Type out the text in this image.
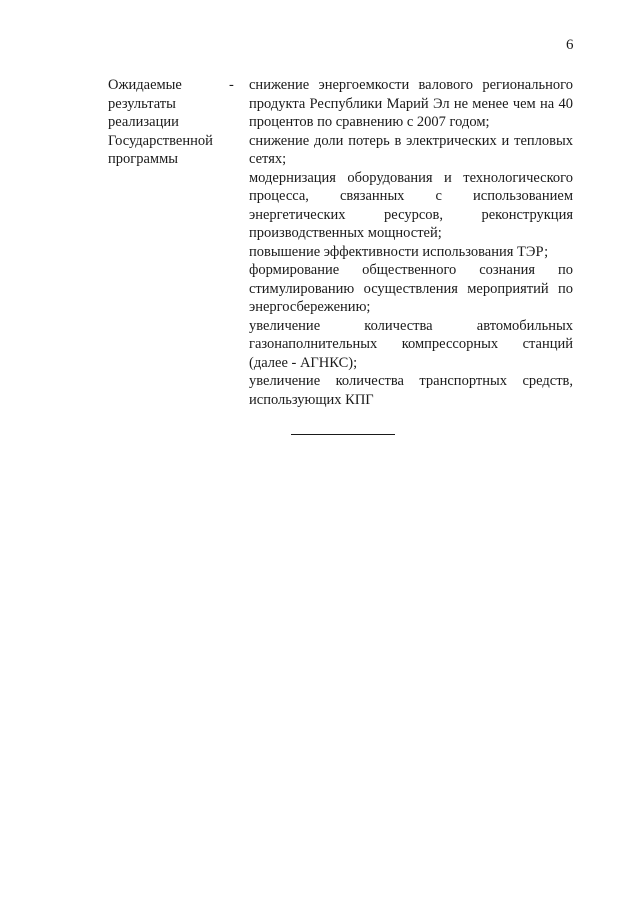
6
Ожидаемые результаты реализации Государственной программы
- снижение энергоемкости валового регионального продукта Республики Марий Эл не менее чем на 40 процентов по сравнению с 2007 годом;

снижение доли потерь в электрических и тепловых сетях;

модернизация оборудования и технологического процесса, связанных с использованием энергетических ресурсов, реконструкция производственных мощностей;

повышение эффективности использования ТЭР;

формирование общественного сознания по стимулированию осуществления мероприятий по энергосбережению;

увеличение количества автомобильных газонаполнительных компрессорных станций (далее - АГНКС);

увеличение количества транспортных средств, использующих КПГ
